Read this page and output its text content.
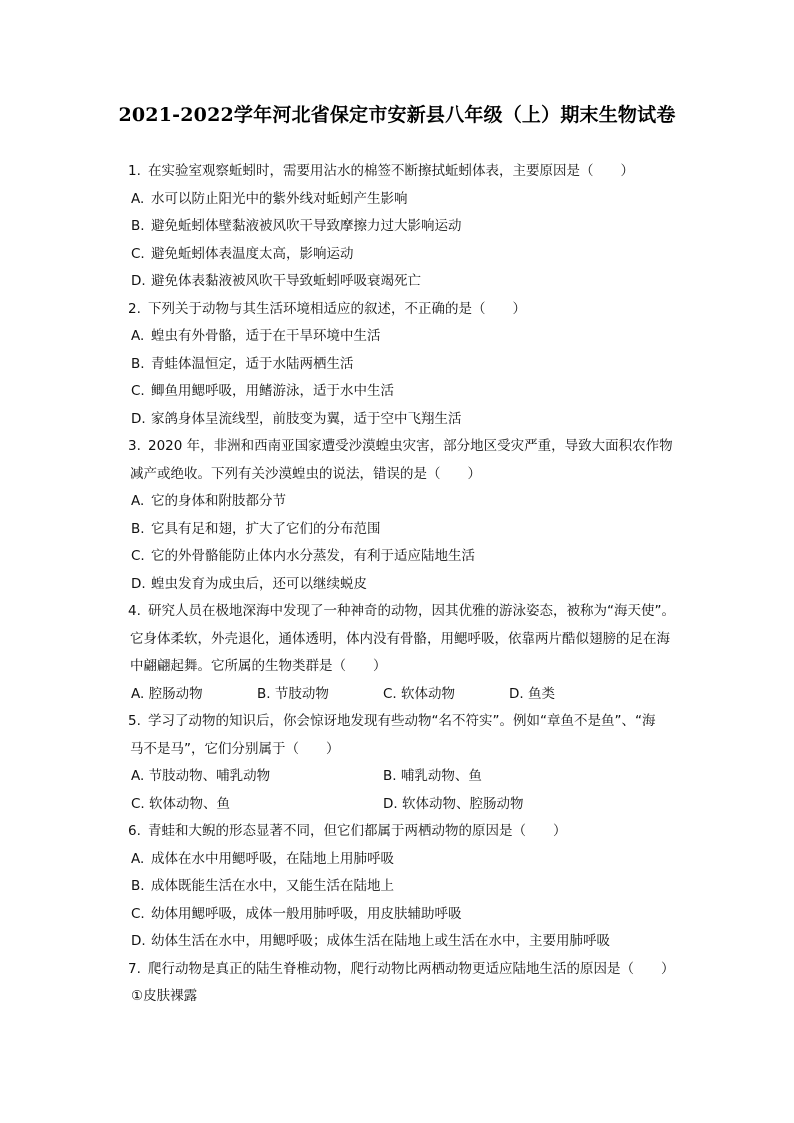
2021-2022学年河北省保定市安新县八年级（上）期末生物试卷
1. 在实验室观察蚯蚓时，需要用沾水的棉签不断擦拭蚯蚓体表，主要原因是（　　）
A. 水可以防止阳光中的紫外线对蚯蚓产生影响
B. 避免蚯蚓体壁黏液被风吹干导致摩擦力过大影响运动
C. 避免蚯蚓体表温度太高，影响运动
D. 避免体表黏液被风吹干导致蚯蚓呼吸衰竭死亡
2. 下列关于动物与其生活环境相适应的叙述，不正确的是（　　）
A. 蝗虫有外骨骼，适于在干旱环境中生活
B. 青蛙体温恒定，适于水陆两栖生活
C. 鲫鱼用鳃呼吸，用鳍游泳，适于水中生活
D. 家鸽身体呈流线型，前肢变为翼，适于空中飞翔生活
3. 2020 年，非洲和西南亚国家遭受沙漠蝗虫灾害，部分地区受灾严重，导致大面积农作物
减产或绝收。下列有关沙漠蝗虫的说法，错误的是（　　）
A. 它的身体和附肢都分节
B. 它具有足和翅，扩大了它们的分布范围
C. 它的外骨骼能防止体内水分蒸发，有利于适应陆地生活
D. 蝗虫发育为成虫后，还可以继续蜕皮
4. 研究人员在极地深海中发现了一种神奇的动物，因其优雅的游泳姿态，被称为“海天使”。
它身体柔软，外壳退化，通体透明，体内没有骨骼，用鳃呼吸，依靠两片酷似翅膀的足在海
中翩翩起舞。它所属的生物类群是（　　）
A. 腔肠动物	B. 节肢动物	C. 软体动物	D. 鱼类
5. 学习了动物的知识后，你会惊讶地发现有些动物“名不符实”。例如“章鱼不是鱼”、“海
马不是马”，它们分别属于（　　）
A. 节肢动物、哺乳动物	B. 哺乳动物、鱼
C. 软体动物、鱼	D. 软体动物、腔肠动物
6. 青蛙和大鲵的形态显著不同，但它们都属于两栖动物的原因是（　　）
A. 成体在水中用鳃呼吸，在陆地上用肺呼吸
B. 成体既能生活在水中，又能生活在陆地上
C. 幼体用鳃呼吸，成体一般用肺呼吸，用皮肤辅助呼吸
D. 幼体生活在水中，用鳃呼吸；成体生活在陆地上或生活在水中，主要用肺呼吸
7. 爬行动物是真正的陆生脊椎动物，爬行动物比两栖动物更适应陆地生活的原因是（　　）
①皮肤裸露
